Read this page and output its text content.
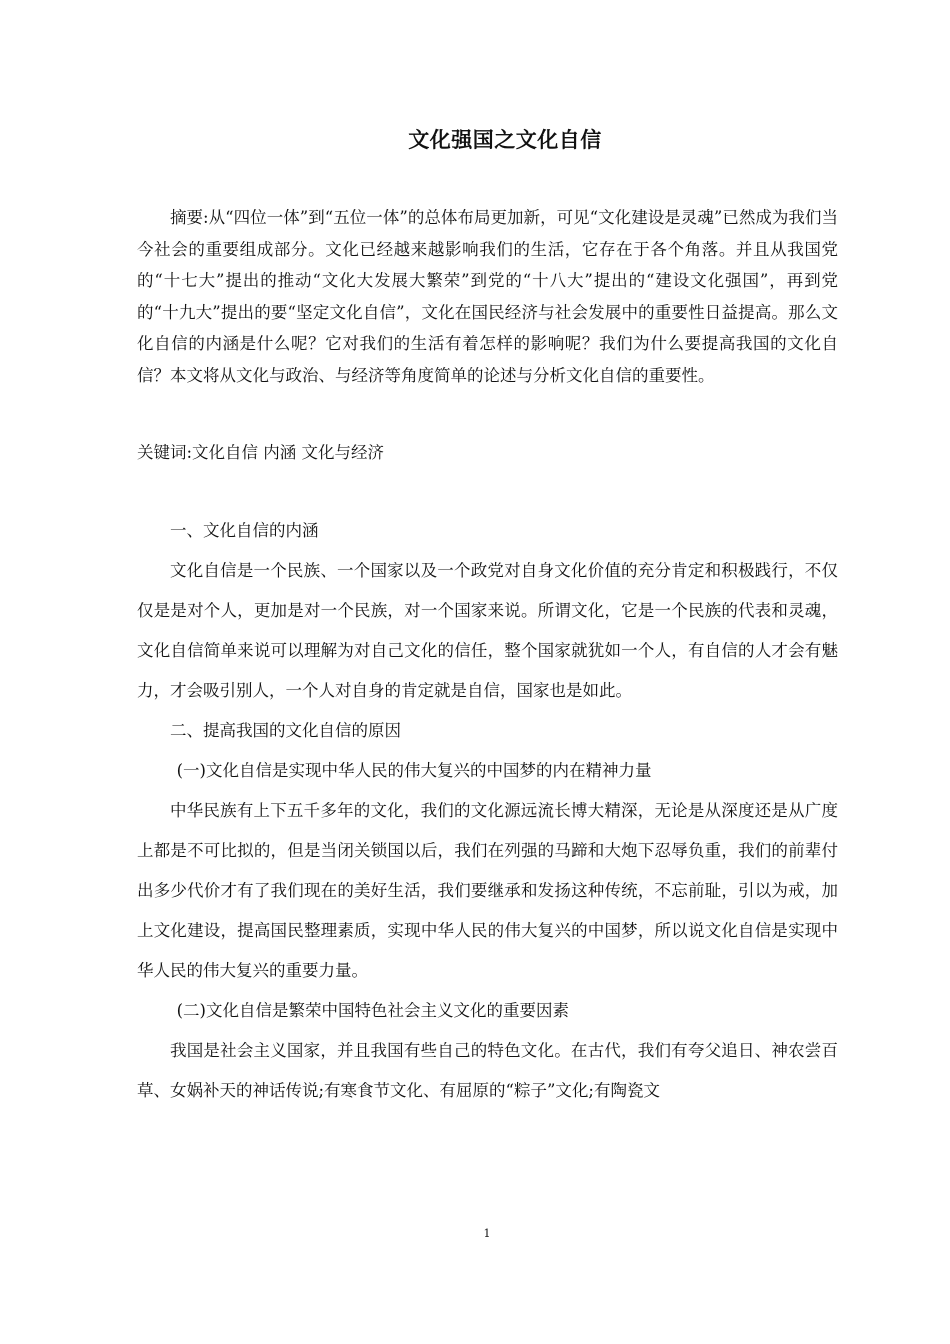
文化强国之文化自信

摘要:从“四位一体”到“五位一体”的总体布局更加新，可见“文化建设是灵魂”已然成为我们当今社会的重要组成部分。文化已经越来越影响我们的生活，它存在于各个角落。并且从我国党的“十七大”提出的推动“文化大发展大繁荣”到党的“十八大”提出的“建设文化强国”，再到党的“十九大”提出的要“坚定文化自信”，文化在国民经济与社会发展中的重要性日益提高。那么文化自信的内涵是什么呢？它对我们的生活有着怎样的影响呢？我们为什么要提高我国的文化自信？本文将从文化与政治、与经济等角度简单的论述与分析文化自信的重要性。

关键词:文化自信 内涵 文化与经济

一、文化自信的内涵

文化自信是一个民族、一个国家以及一个政党对自身文化价值的充分肯定和积极践行，不仅仅是是对个人，更加是对一个民族，对一个国家来说。所谓文化，它是一个民族的代表和灵魂，文化自信简单来说可以理解为对自己文化的信任，整个国家就犹如一个人，有自信的人才会有魅力，才会吸引别人，一个人对自身的肯定就是自信，国家也是如此。

二、提高我国的文化自信的原因

(一)文化自信是实现中华人民的伟大复兴的中国梦的内在精神力量

中华民族有上下五千多年的文化，我们的文化源远流长博大精深，无论是从深度还是从广度上都是不可比拟的，但是当闭关锁国以后，我们在列强的马蹄和大炮下忍辱负重，我们的前辈付出多少代价才有了我们现在的美好生活，我们要继承和发扬这种传统，不忘前耻，引以为戒，加上文化建设，提高国民整理素质，实现中华人民的伟大复兴的中国梦，所以说文化自信是实现中华人民的伟大复兴的重要力量。

(二)文化自信是繁荣中国特色社会主义文化的重要因素

我国是社会主义国家，并且我国有些自己的特色文化。在古代，我们有夸父追日、神农尝百草、女娲补天的神话传说;有寒食节文化、有屈原的“粽子”文化;有陶瓷文

1
